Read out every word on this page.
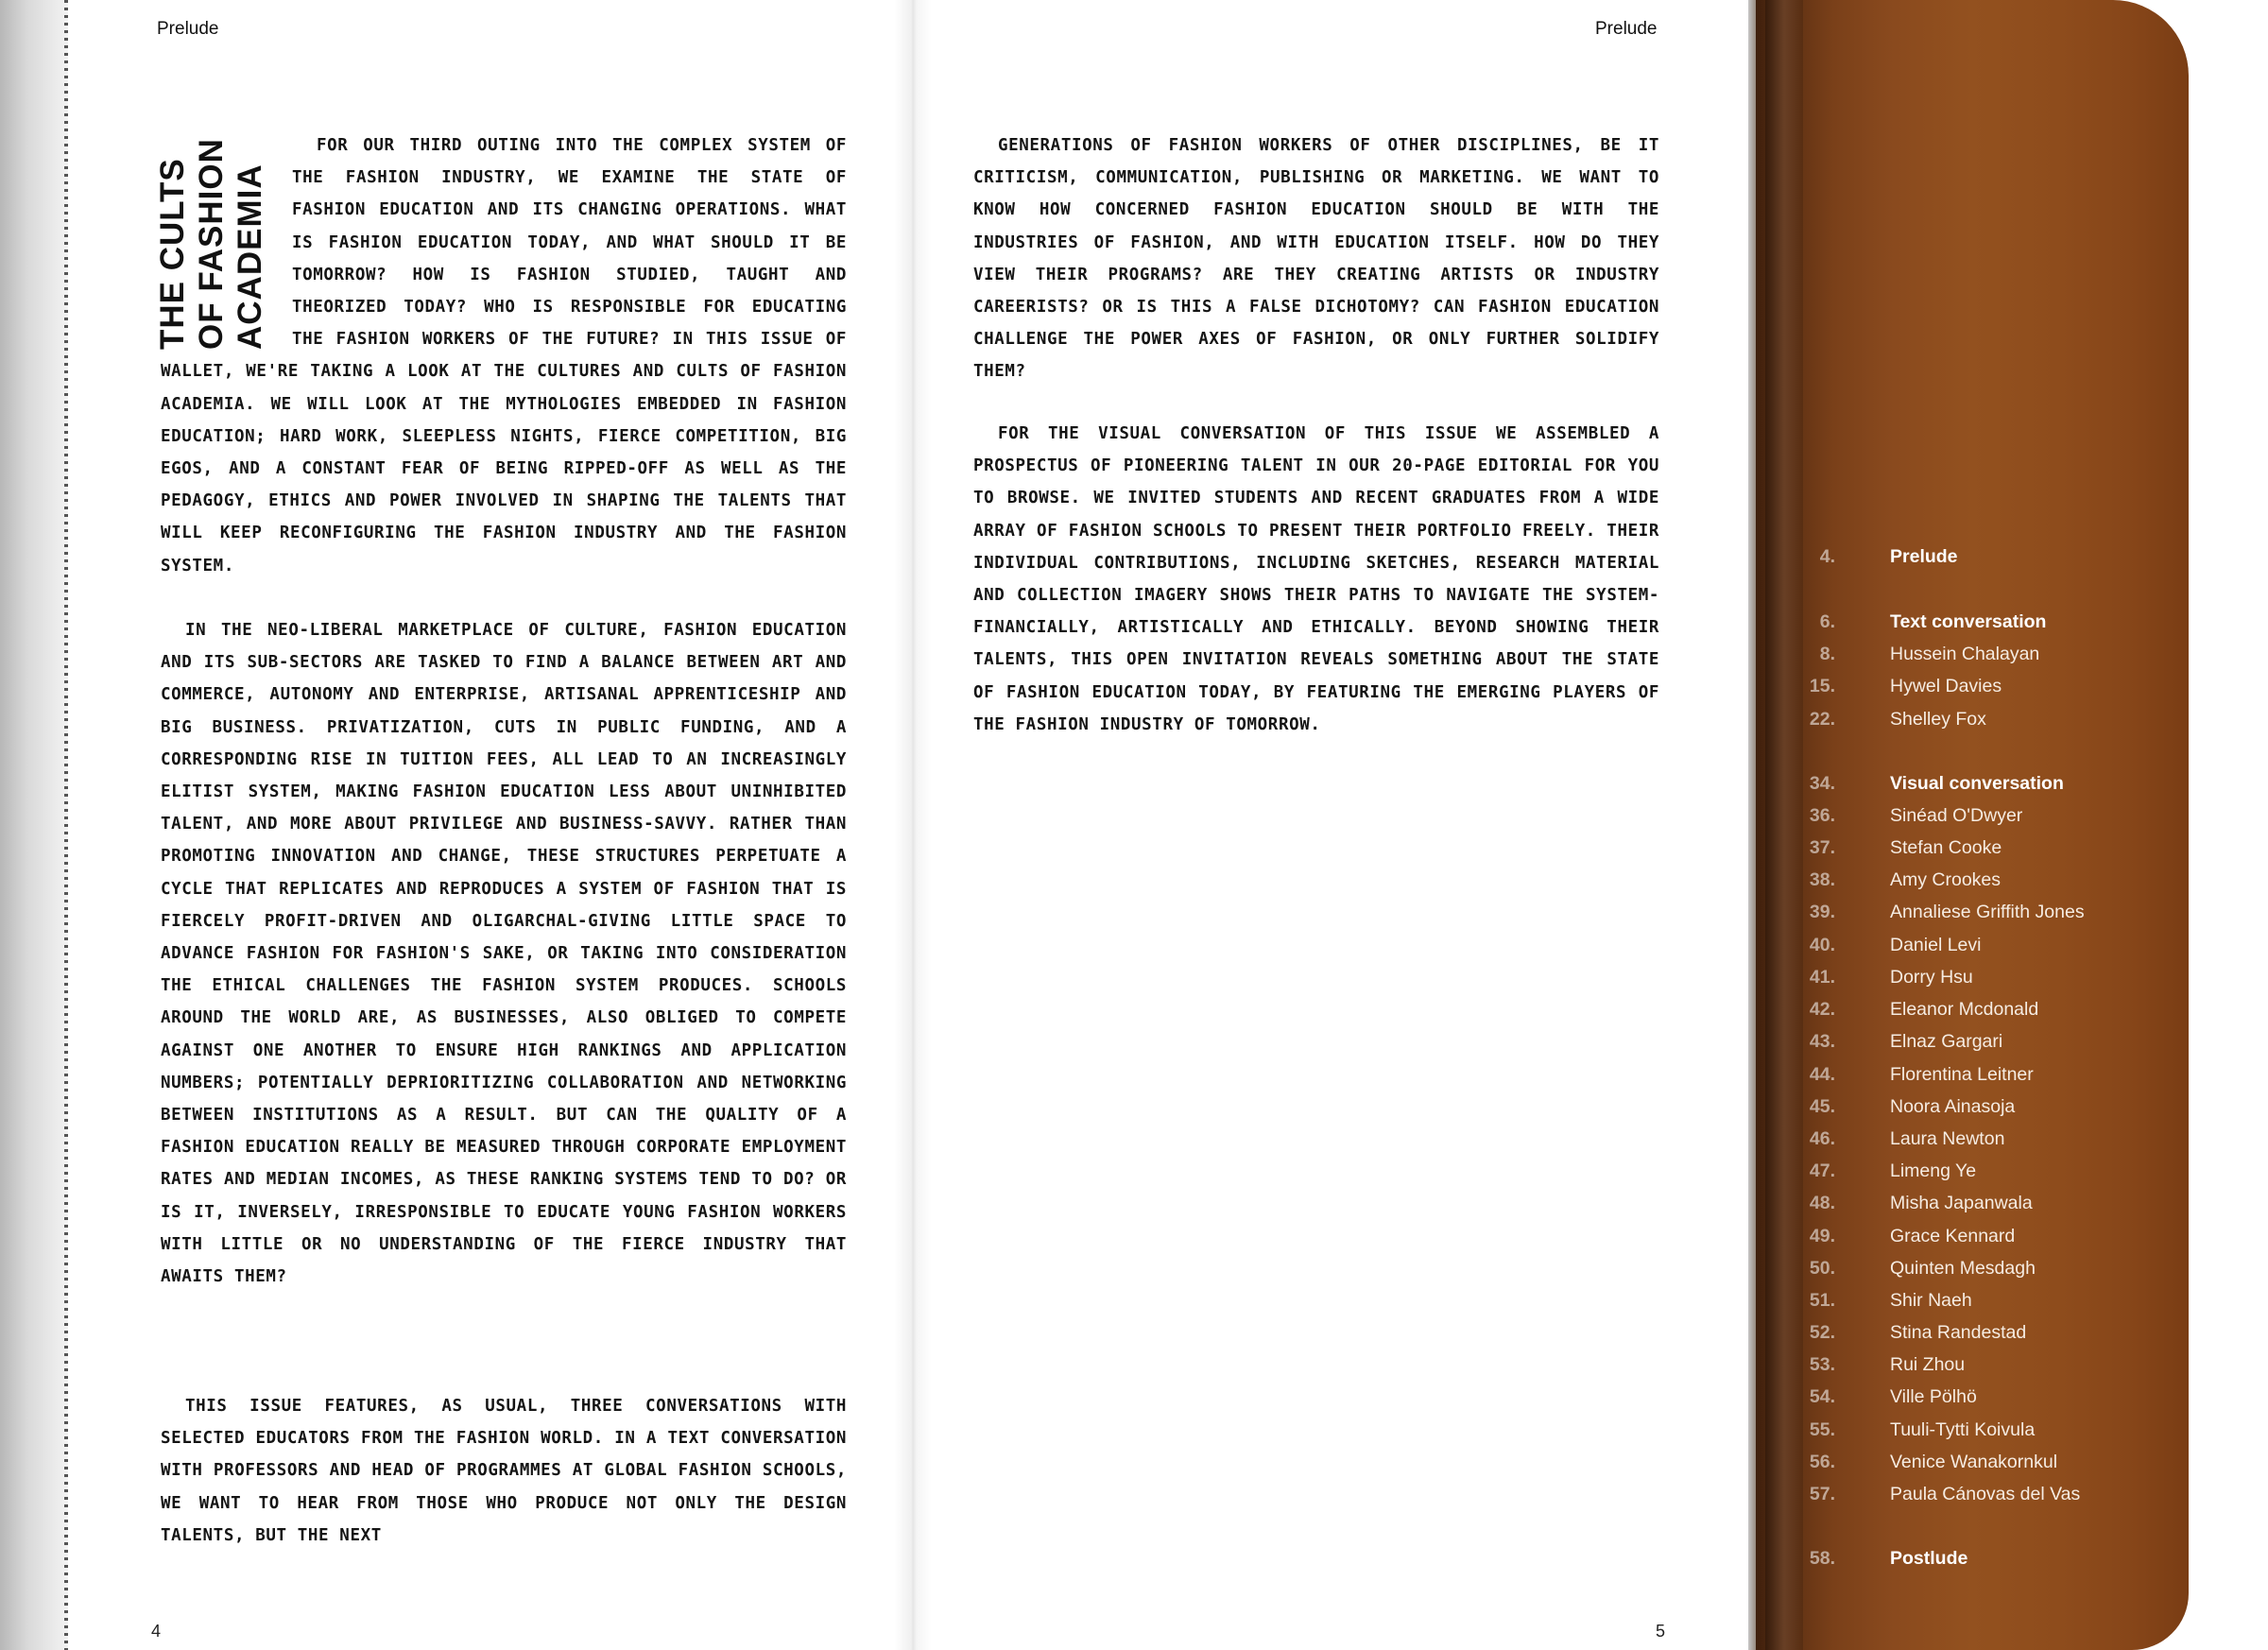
Prelude
THE CULTS OF FASHION ACADEMIA

FOR OUR THIRD OUTING INTO THE COMPLEX SYSTEM OF THE FASHION INDUSTRY, WE EXAMINE THE STATE OF FASHION EDUCATION AND ITS CHANGING OPERATIONS. WHAT IS FASHION EDUCATION TODAY, AND WHAT SHOULD IT BE TOMORROW? HOW IS FASHION STUDIED, TAUGHT AND THEORIZED TODAY? WHO IS RESPONSIBLE FOR EDUCATING THE FASHION WORKERS OF THE FUTURE? IN THIS ISSUE OF WALLET, WE'RE TAKING A LOOK AT THE CULTURES AND CULTS OF FASHION ACADEMIA. WE WILL LOOK AT THE MYTHOLOGIES EMBEDDED IN FASHION EDUCATION; HARD WORK, SLEEPLESS NIGHTS, FIERCE COMPETITION, BIG EGOS, AND A CONSTANT FEAR OF BEING RIPPED-OFF AS WELL AS THE PEDAGOGY, ETHICS AND POWER INVOLVED IN SHAPING THE TALENTS THAT WILL KEEP RECONFIGURING THE FASHION INDUSTRY AND THE FASHION SYSTEM.

IN THE NEO-LIBERAL MARKETPLACE OF CULTURE, FASHION EDUCATION AND ITS SUB-SECTORS ARE TASKED TO FIND A BALANCE BETWEEN ART AND COMMERCE, AUTONOMY AND ENTERPRISE, ARTISANAL APPRENTICESHIP AND BIG BUSINESS. PRIVATIZATION, CUTS IN PUBLIC FUNDING, AND A CORRESPONDING RISE IN TUITION FEES, ALL LEAD TO AN INCREASINGLY ELITIST SYSTEM, MAKING FASHION EDUCATION LESS ABOUT UNINHIBITED TALENT, AND MORE ABOUT PRIVILEGE AND BUSINESS-SAVVY. RATHER THAN PROMOTING INNOVATION AND CHANGE, THESE STRUCTURES PERPETUATE A CYCLE THAT REPLICATES AND REPRODUCES A SYSTEM OF FASHION THAT IS FIERCELY PROFIT-DRIVEN AND OLIGARCHAL-GIVING LITTLE SPACE TO ADVANCE FASHION FOR FASHION'S SAKE, OR TAKING INTO CONSIDERATION THE ETHICAL CHALLENGES THE FASHION SYSTEM PRODUCES. SCHOOLS AROUND THE WORLD ARE, AS BUSINESSES, ALSO OBLIGED TO COMPETE AGAINST ONE ANOTHER TO ENSURE HIGH RANKINGS AND APPLICATION NUMBERS; POTENTIALLY DEPRIORITIZING COLLABORATION AND NETWORKING BETWEEN INSTITUTIONS AS A RESULT. BUT CAN THE QUALITY OF A FASHION EDUCATION REALLY BE MEASURED THROUGH CORPORATE EMPLOYMENT RATES AND MEDIAN INCOMES, AS THESE RANKING SYSTEMS TEND TO DO? OR IS IT, INVERSELY, IRRESPONSIBLE TO EDUCATE YOUNG FASHION WORKERS WITH LITTLE OR NO UNDERSTANDING OF THE FIERCE INDUSTRY THAT AWAITS THEM?

THIS ISSUE FEATURES, AS USUAL, THREE CONVERSATIONS WITH SELECTED EDUCATORS FROM THE FASHION WORLD. IN A TEXT CONVERSATION WITH PROFESSORS AND HEAD OF PROGRAMMES AT GLOBAL FASHION SCHOOLS, WE WANT TO HEAR FROM THOSE WHO PRODUCE NOT ONLY THE DESIGN TALENTS, BUT THE NEXT

4
Prelude

GENERATIONS OF FASHION WORKERS OF OTHER DISCIPLINES, BE IT CRITICISM, COMMUNICATION, PUBLISHING OR MARKETING. WE WANT TO KNOW HOW CONCERNED FASHION EDUCATION SHOULD BE WITH THE INDUSTRIES OF FASHION, AND WITH EDUCATION ITSELF. HOW DO THEY VIEW THEIR PROGRAMS? ARE THEY CREATING ARTISTS OR INDUSTRY CAREERISTS? OR IS THIS A FALSE DICHOTOMY? CAN FASHION EDUCATION CHALLENGE THE POWER AXES OF FASHION, OR ONLY FURTHER SOLIDIFY THEM?

FOR THE VISUAL CONVERSATION OF THIS ISSUE WE ASSEMBLED A PROSPECTUS OF PIONEERING TALENT IN OUR 20-PAGE EDITORIAL FOR YOU TO BROWSE. WE INVITED STUDENTS AND RECENT GRADUATES FROM A WIDE ARRAY OF FASHION SCHOOLS TO PRESENT THEIR PORTFOLIO FREELY. THEIR INDIVIDUAL CONTRIBUTIONS, INCLUDING SKETCHES, RESEARCH MATERIAL AND COLLECTION IMAGERY SHOWS THEIR PATHS TO NAVIGATE THE SYSTEM-FINANCIALLY, ARTISTICALLY AND ETHICALLY. BEYOND SHOWING THEIR TALENTS, THIS OPEN INVITATION REVEALS SOMETHING ABOUT THE STATE OF FASHION EDUCATION TODAY, BY FEATURING THE EMERGING PLAYERS OF THE FASHION INDUSTRY OF TOMORROW.

5
4.	Prelude
6.	Text conversation
8.	Hussein Chalayan
15.	Hywel Davies
22.	Shelley Fox
34.	Visual conversation
36.	Sinéad O'Dwyer
37.	Stefan Cooke
38.	Amy Crookes
39.	Annaliese Griffith Jones
40.	Daniel Levi
41.	Dorry Hsu
42.	Eleanor Mcdonald
43.	Elnaz Gargari
44.	Florentina Leitner
45.	Noora Ainasoja
46.	Laura Newton
47.	Limeng Ye
48.	Misha Japanwala
49.	Grace Kennard
50.	Quinten Mesdagh
51.	Shir Naeh
52.	Stina Randestad
53.	Rui Zhou
54.	Ville Pölhö
55.	Tuuli-Tytti Koivula
56.	Venice Wanakornkul
57.	Paula Cánovas del Vas
58.	Postlude
